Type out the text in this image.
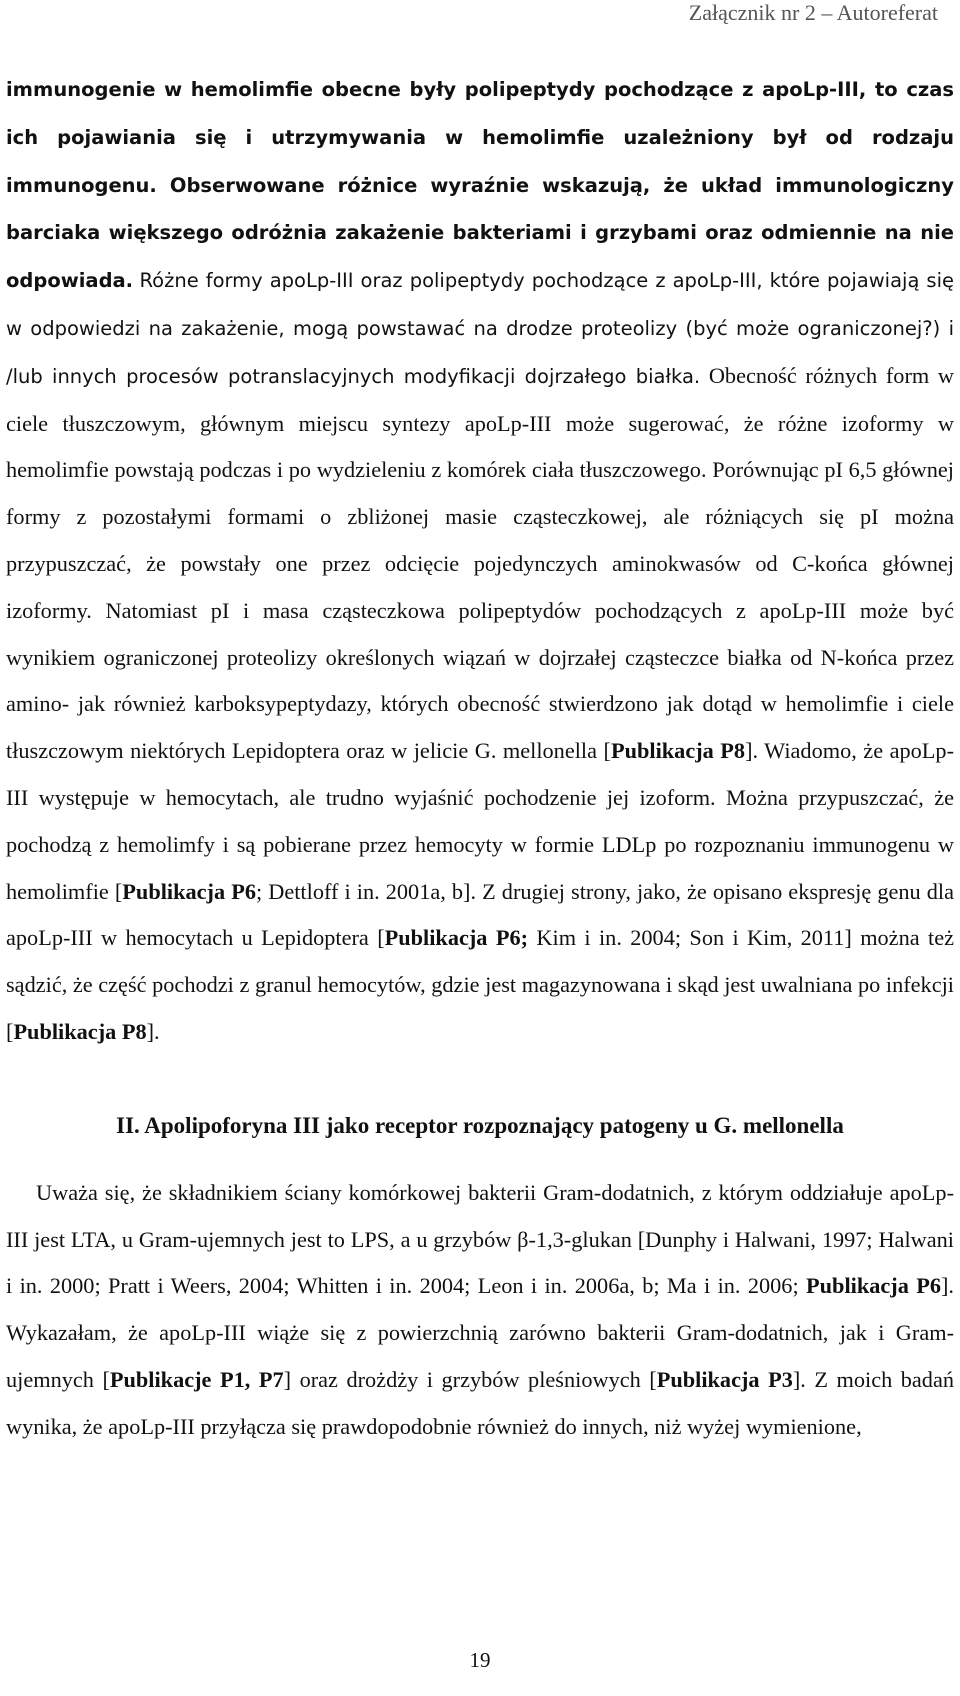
Załącznik nr 2 – Autoreferat

immunogenie w hemolimfie obecne były polipeptydy pochodzące z apoLp-III, to czas ich pojawiania się i utrzymywania w hemolimfie uzależniony był od rodzaju immunogenu. Obserwowane różnice wyraźnie wskazują, że układ immunologiczny barciaka większego odróżnia zakażenie bakteriami i grzybami oraz odmiennie na nie odpowiada. Różne formy apoLp-III oraz polipeptydy pochodzące z apoLp-III, które pojawiają się w odpowiedzi na zakażenie, mogą powstawać na drodze proteolizy (być może ograniczonej?) i /lub innych procesów potranslacyjnych modyfikacji dojrzałego białka. Obecność różnych form w ciele tłuszczowym, głównym miejscu syntezy apoLp-III może sugerować, że różne izoformy w hemolimfie powstają podczas i po wydzieleniu z komórek ciała tłuszczowego. Porównując pI 6,5 głównej formy z pozostałymi formami o zbliżonej masie cząsteczkowej, ale różniących się pI można przypuszczać, że powstały one przez odcięcie pojedynczych aminokwasów od C-końca głównej izoformy. Natomiast pI i masa cząsteczkowa polipeptydów pochodzących z apoLp-III może być wynikiem ograniczonej proteolizy określonych wiązań w dojrzałej cząsteczce białka od N-końca przez amino- jak również karboksypeptydazy, których obecność stwierdzono jak dotąd w hemolimfie i ciele tłuszczowym niektórych Lepidoptera oraz w jelicie G. mellonella [Publikacja P8]. Wiadomo, że apoLp-III występuje w hemocytach, ale trudno wyjaśnić pochodzenie jej izoform. Można przypuszczać, że pochodzą z hemolimfy i są pobierane przez hemocyty w formie LDLp po rozpoznaniu immunogenu w hemolimfie [Publikacja P6; Dettloff i in. 2001a, b]. Z drugiej strony, jako, że opisano ekspresję genu dla apoLp-III w hemocytach u Lepidoptera [Publikacja P6; Kim i in. 2004; Son i Kim, 2011] można też sądzić, że część pochodzi z granul hemocytów, gdzie jest magazynowana i skąd jest uwalniana po infekcji [Publikacja P8].

II. Apolipoforyna III jako receptor rozpoznający patogeny u G. mellonella

Uważa się, że składnikiem ściany komórkowej bakterii Gram-dodatnich, z którym oddziałuje apoLp-III jest LTA, u Gram-ujemnych jest to LPS, a u grzybów β-1,3-glukan [Dunphy i Halwani, 1997; Halwani i in. 2000; Pratt i Weers, 2004; Whitten i in. 2004; Leon i in. 2006a, b; Ma i in. 2006; Publikacja P6]. Wykazałam, że apoLp-III wiąże się z powierzchnią zarówno bakterii Gram-dodatnich, jak i Gram-ujemnych [Publikacje P1, P7] oraz drożdży i grzybów pleśniowych [Publikacja P3]. Z moich badań wynika, że apoLp-III przyłącza się prawdopodobnie również do innych, niż wyżej wymienione,

19
